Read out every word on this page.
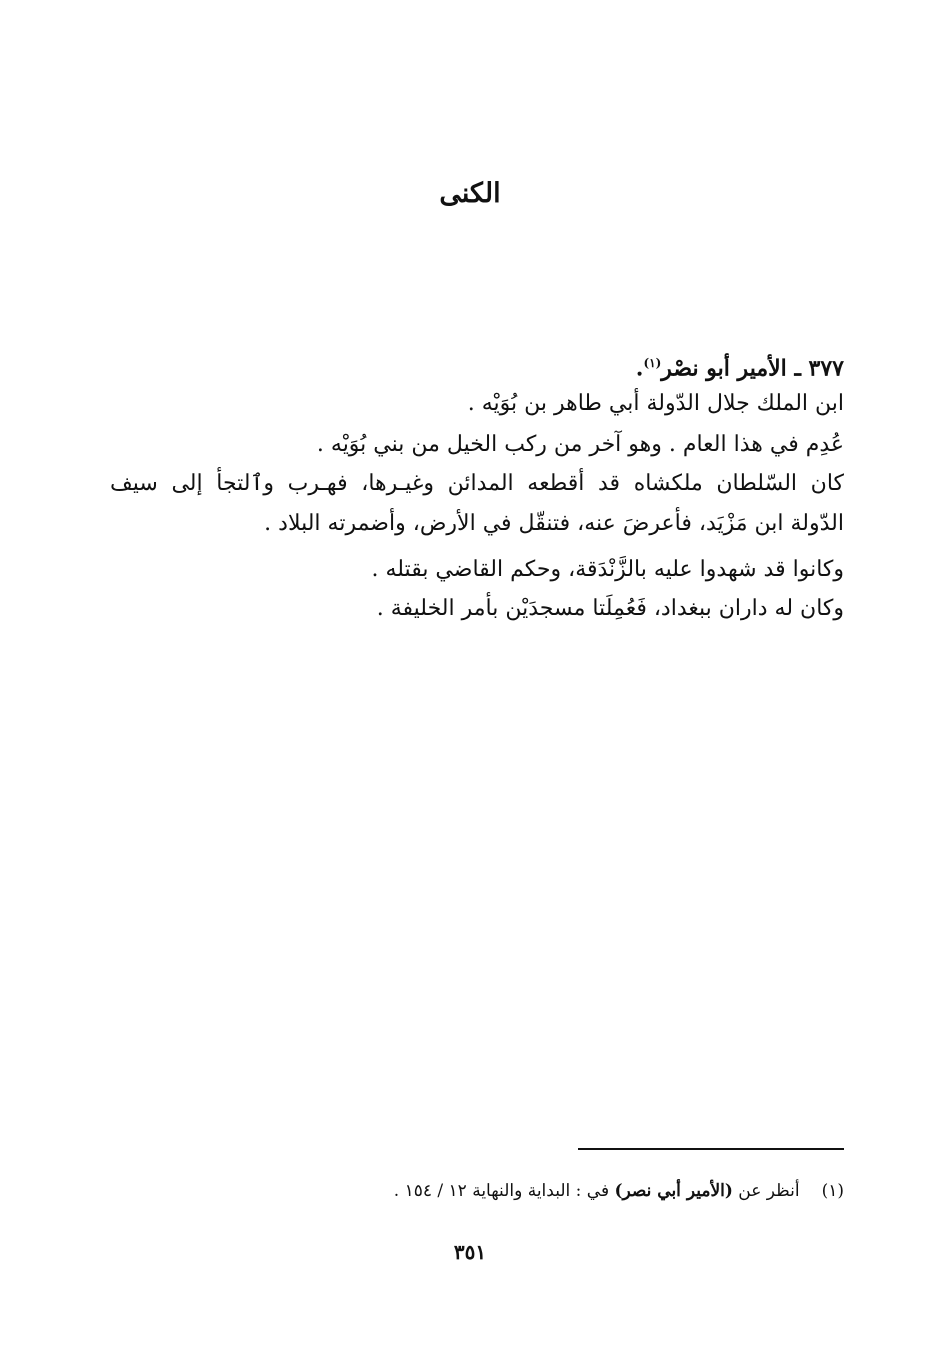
الكنى
٣٧٧ ـ الأمير أبو نصْر$^{(١)}$.
ابن الملك جلال الدّولة أبي طاهر بن بُوَيْه .
عُدِم في هذا العام . وهو آخر من ركب الخيل من بني بُوَيْه .
كان السّلطان ملكشاه قد أقطعه المدائن وغيـرها، فهـرب وٱلتجأ إلى سيف
الدّولة ابن مَزْيَد، فأعرضَ عنه، فتنقّل في الأرض، وأضمرته البلاد .
وكانوا قد شهدوا عليه بالزَّنْدَقة، وحكم القاضي بقتله .
وكان له داران ببغداد، فَعُمِلَتا مسجدَيْن بأمر الخليفة .
(١)أنظر عن (الأمير أبي نصر) في : البداية والنهاية ١٢ / ١٥٤ .
٣٥١
